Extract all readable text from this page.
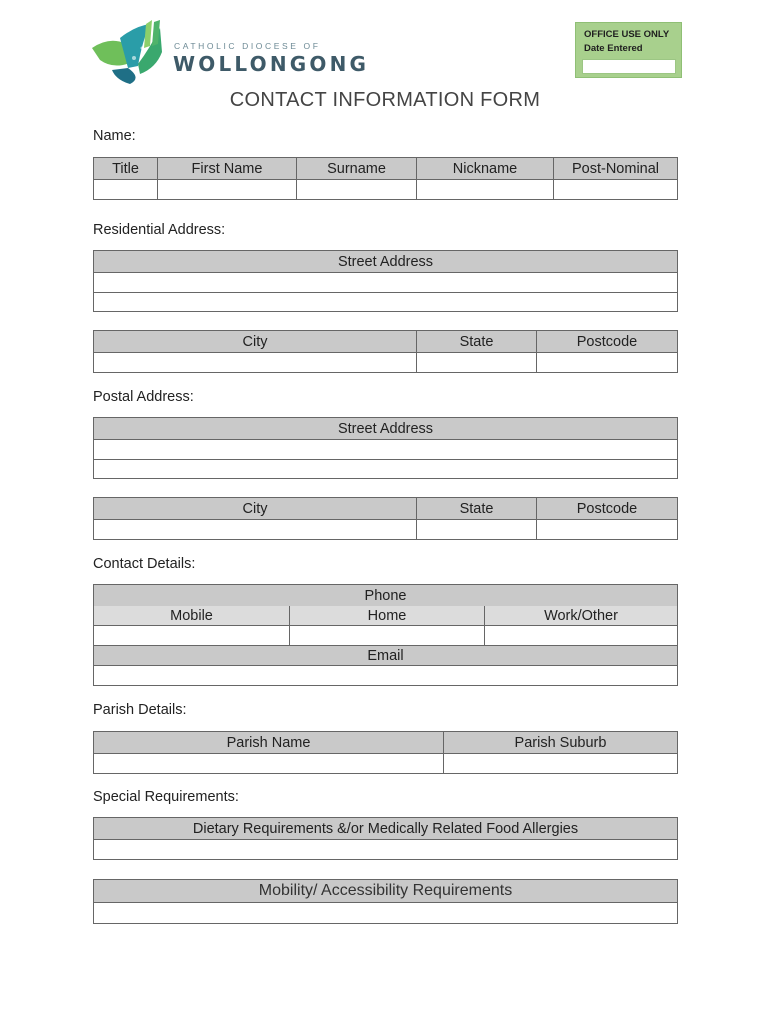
CATHOLIC DIOCESE OF
WOLLONGONG
OFFICE USE ONLY
Date Entered
CONTACT INFORMATION FORM
Name:
Title	First Name	Surname	Nickname	Post-Nominal
Residential Address:
Street Address
City	State	Postcode
Postal Address:
Street Address
City	State	Postcode
Contact Details:
Phone
Mobile	Home	Work/Other
Email
Parish Details:
Parish Name	Parish Suburb
Special Requirements:
Dietary Requirements &/or Medically Related Food Allergies
Mobility/ Accessibility Requirements
